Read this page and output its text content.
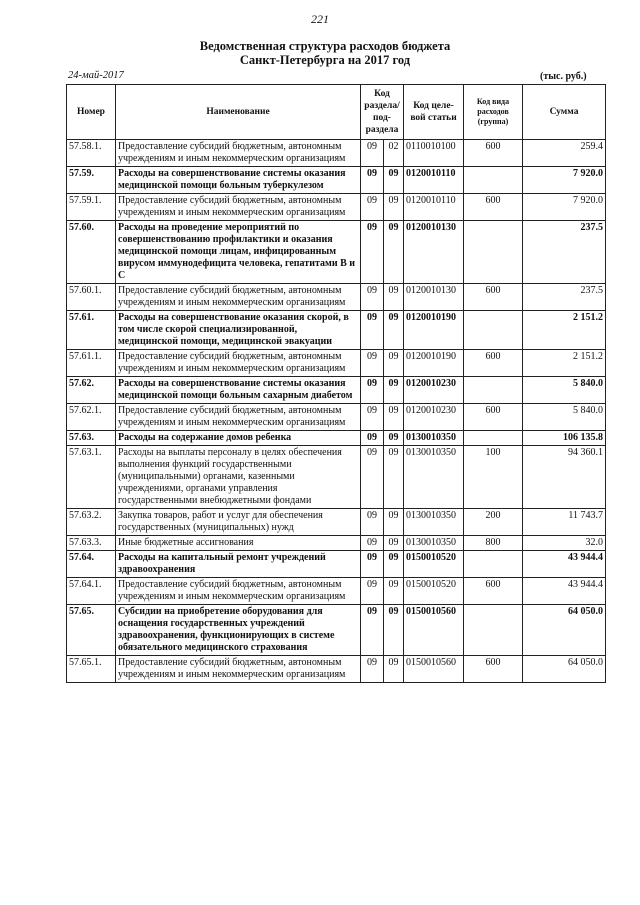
221
Ведомственная структура расходов бюджета
Санкт-Петербурга на 2017 год
24-май-2017	(тыс. руб.)
Номер	Наименование	Код раздела/ под- раздела		Код целе- вой статьи	Код вида расходов (группа)	Сумма
57.58.1.	Предоставление субсидий бюджетным, автономным учреждениям и иным некоммерческим организациям	09	02	0110010100	600	259.4
57.59.	Расходы на совершенствование системы оказания медицинской помощи больным туберкулезом	09	09	0120010110		7 920.0
57.59.1.	Предоставление субсидий бюджетным, автономным учреждениям и иным некоммерческим организациям	09	09	0120010110	600	7 920.0
57.60.	Расходы на проведение мероприятий по совершенствованию профилактики и оказания медицинской помощи лицам, инфицированным вирусом иммунодефицита человека, гепатитами В и С	09	09	0120010130		237.5
57.60.1.	Предоставление субсидий бюджетным, автономным учреждениям и иным некоммерческим организациям	09	09	0120010130	600	237.5
57.61.	Расходы на совершенствование оказания скорой, в том числе скорой специализированной, медицинской помощи, медицинской эвакуации	09	09	0120010190		2 151.2
57.61.1.	Предоставление субсидий бюджетным, автономным учреждениям и иным некоммерческим организациям	09	09	0120010190	600	2 151.2
57.62.	Расходы на совершенствование системы оказания медицинской помощи больным сахарным диабетом	09	09	0120010230		5 840.0
57.62.1.	Предоставление субсидий бюджетным, автономным учреждениям и иным некоммерческим организациям	09	09	0120010230	600	5 840.0
57.63.	Расходы на содержание домов ребенка	09	09	0130010350		106 135.8
57.63.1.	Расходы на выплаты персоналу в целях обеспечения выполнения функций государственными (муниципальными) органами, казенными учреждениями, органами управления государственными внебюджетными фондами	09	09	0130010350	100	94 360.1
57.63.2.	Закупка товаров, работ и услуг для обеспечения государственных (муниципальных) нужд	09	09	0130010350	200	11 743.7
57.63.3.	Иные бюджетные ассигнования	09	09	0130010350	800	32.0
57.64.	Расходы на капитальный ремонт учреждений здравоохранения	09	09	0150010520		43 944.4
57.64.1.	Предоставление субсидий бюджетным, автономным учреждениям и иным некоммерческим организациям	09	09	0150010520	600	43 944.4
57.65.	Субсидии на приобретение оборудования для оснащения государственных учреждений здравоохранения, функционирующих в системе обязательного медицинского страхования	09	09	0150010560		64 050.0
57.65.1.	Предоставление субсидий бюджетным, автономным учреждениям и иным некоммерческим организациям	09	09	0150010560	600	64 050.0
